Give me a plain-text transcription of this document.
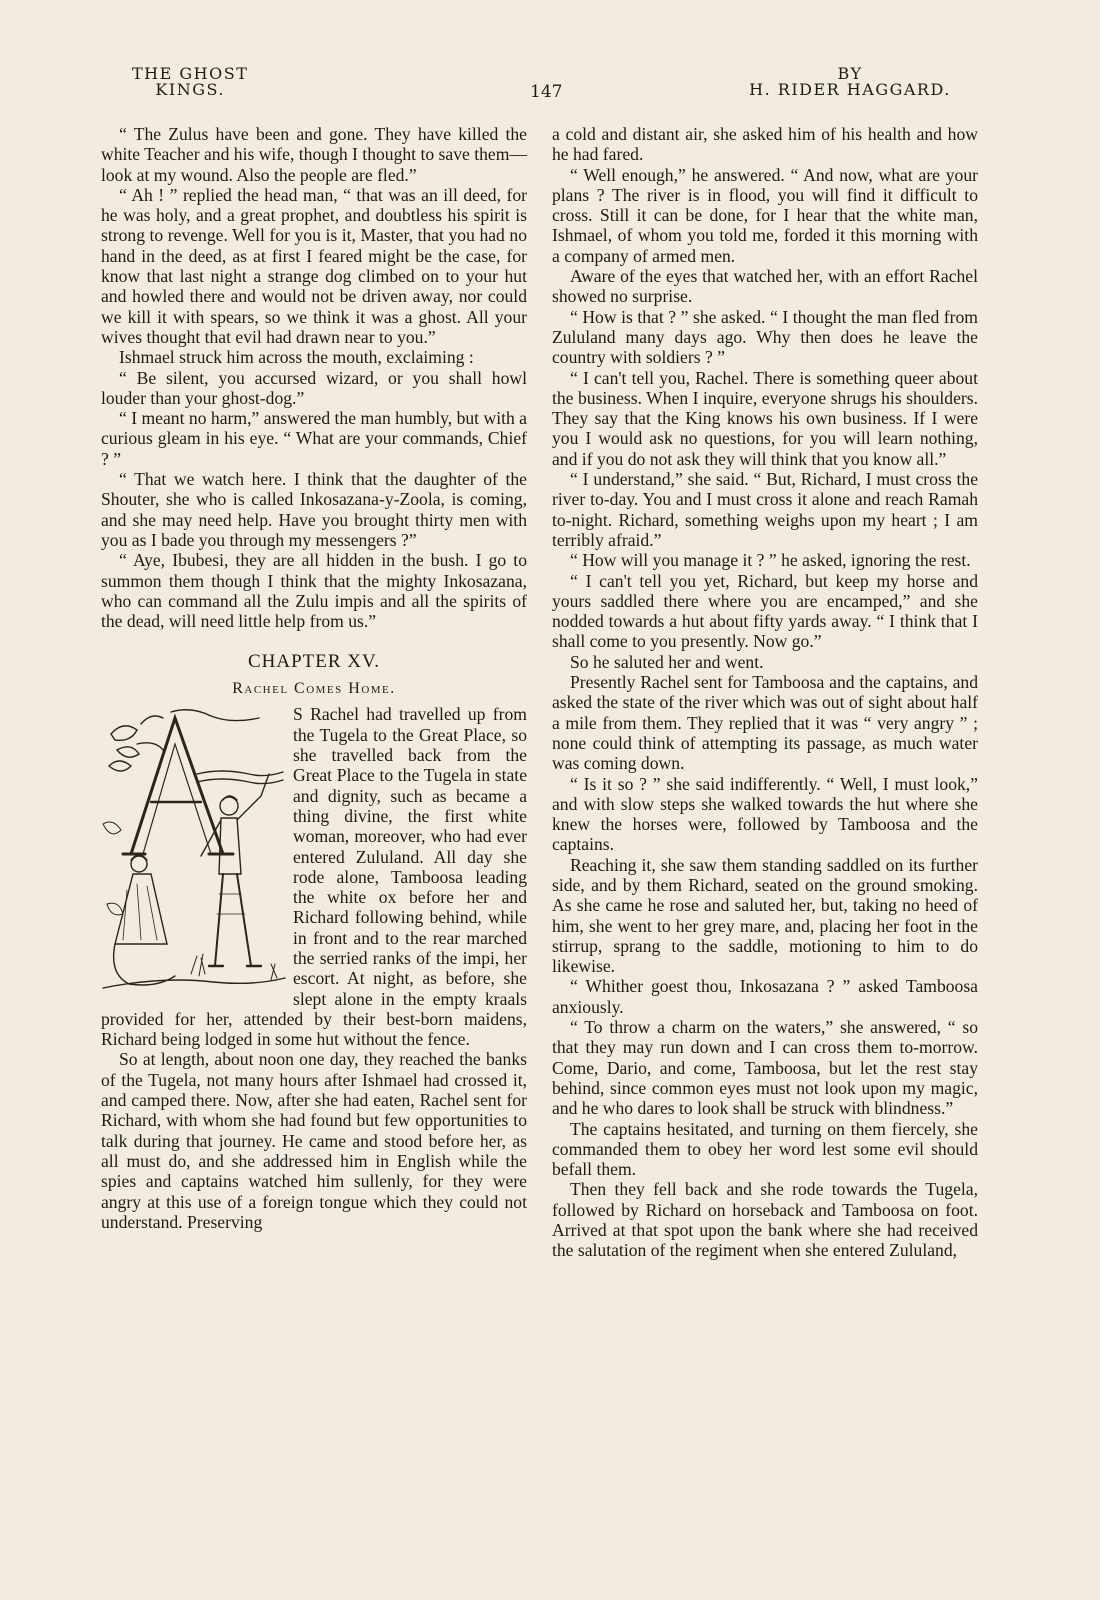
THE GHOST
KINGS.	147
BY
H. RIDER HAGGARD.

“ The Zulus have been and gone. They have killed the white Teacher and his wife, though I thought to save them—look at my wound. Also the people are fled.”

“ Ah ! ” replied the head man, “ that was an ill deed, for he was holy, and a great prophet, and doubtless his spirit is strong to revenge. Well for you is it, Master, that you had no hand in the deed, as at first I feared might be the case, for know that last night a strange dog climbed on to your hut and howled there and would not be driven away, nor could we kill it with spears, so we think it was a ghost. All your wives thought that evil had drawn near to you.”

Ishmael struck him across the mouth, exclaiming :

“ Be silent, you accursed wizard, or you shall howl louder than your ghost-dog.”

“ I meant no harm,” answered the man humbly, but with a curious gleam in his eye. “ What are your commands, Chief ? ”

“ That we watch here. I think that the daughter of the Shouter, she who is called Inkosazana-y-Zoola, is coming, and she may need help. Have you brought thirty men with you as I bade you through my messengers ?”

“ Aye, Ibubesi, they are all hidden in the bush. I go to summon them though I think that the mighty Inkosazana, who can command all the Zulu impis and all the spirits of the dead, will need little help from us.”

CHAPTER XV.
Rachel Comes Home.

S Rachel had travelled up from the Tugela to the Great Place, so she travelled back from the Great Place to the Tugela in state and dignity, such as became a thing divine, the first white woman, moreover, who had ever entered Zululand. All day she rode alone, Tamboosa leading the white ox before her and Richard following behind, while in front and to the rear marched the serried ranks of the impi, her escort. At night, as before, she slept alone in the empty kraals provided for her, attended by their best-born maidens, Richard being lodged in some hut without the fence.

So at length, about noon one day, they reached the banks of the Tugela, not many hours after Ishmael had crossed it, and camped there. Now, after she had eaten, Rachel sent for Richard, with whom she had found but few opportunities to talk during that journey. He came and stood before her, as all must do, and she addressed him in English while the spies and captains watched him sullenly, for they were angry at this use of a foreign tongue which they could not understand. Preserving

a cold and distant air, she asked him of his health and how he had fared.

“ Well enough,” he answered. “ And now, what are your plans ? The river is in flood, you will find it difficult to cross. Still it can be done, for I hear that the white man, Ishmael, of whom you told me, forded it this morning with a company of armed men.

Aware of the eyes that watched her, with an effort Rachel showed no surprise.

“ How is that ? ” she asked. “ I thought the man fled from Zululand many days ago. Why then does he leave the country with soldiers ? ”

“ I can't tell you, Rachel. There is something queer about the business. When I inquire, everyone shrugs his shoulders. They say that the King knows his own business. If I were you I would ask no questions, for you will learn nothing, and if you do not ask they will think that you know all.”

“ I understand,” she said. “ But, Richard, I must cross the river to-day. You and I must cross it alone and reach Ramah to-night. Richard, something weighs upon my heart ; I am terribly afraid.”

“ How will you manage it ? ” he asked, ignoring the rest.

“ I can't tell you yet, Richard, but keep my horse and yours saddled there where you are encamped,” and she nodded towards a hut about fifty yards away. “ I think that I shall come to you presently. Now go.”

So he saluted her and went.

Presently Rachel sent for Tamboosa and the captains, and asked the state of the river which was out of sight about half a mile from them. They replied that it was “ very angry ” ; none could think of attempting its passage, as much water was coming down.

“ Is it so ? ” she said indifferently. “ Well, I must look,” and with slow steps she walked towards the hut where she knew the horses were, followed by Tamboosa and the captains.

Reaching it, she saw them standing saddled on its further side, and by them Richard, seated on the ground smoking. As she came he rose and saluted her, but, taking no heed of him, she went to her grey mare, and, placing her foot in the stirrup, sprang to the saddle, motioning to him to do likewise.

“ Whither goest thou, Inkosazana ? ” asked Tamboosa anxiously.

“ To throw a charm on the waters,” she answered, “ so that they may run down and I can cross them to-morrow. Come, Dario, and come, Tamboosa, but let the rest stay behind, since common eyes must not look upon my magic, and he who dares to look shall be struck with blindness.”

The captains hesitated, and turning on them fiercely, she commanded them to obey her word lest some evil should befall them.

Then they fell back and she rode towards the Tugela, followed by Richard on horseback and Tamboosa on foot. Arrived at that spot upon the bank where she had received the salutation of the regiment when she entered Zululand,
